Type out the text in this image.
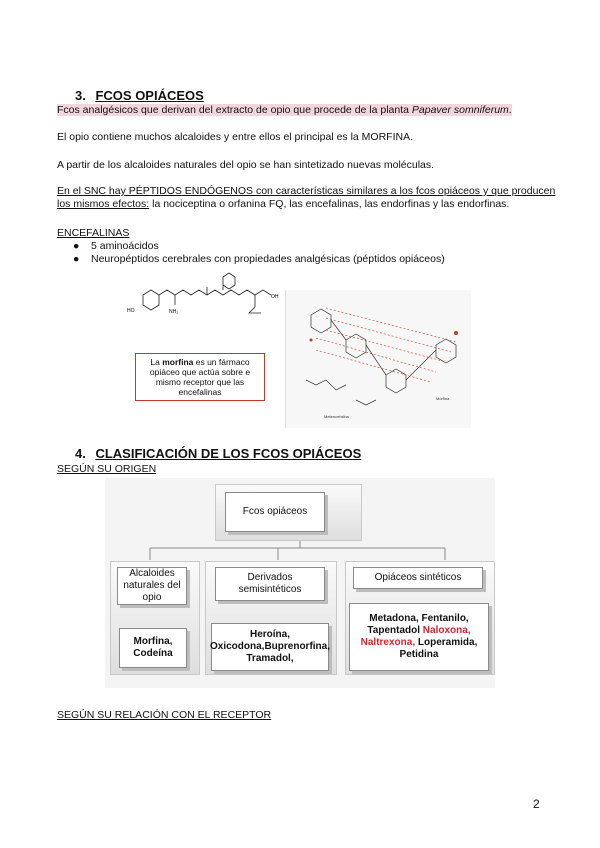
3. FCOS OPIÁCEOS
Fcos analgésicos que derivan del extracto de opio que procede de la planta Papaver somniferum.
El opio contiene muchos alcaloides y entre ellos el principal es la MORFINA.
A partir de los alcaloides naturales del opio se han sintetizado nuevas moléculas.
En el SNC hay PÉPTIDOS ENDÓGENOS con características similares a los fcos opiáceos y que producen
los mismos efectos: la nociceptina o orfanina FQ, las encefalinas, las endorfinas y las endorfinas.
ENCEFALINAS
● 5 aminoácidos
● Neuropéptidos cerebrales con propiedades analgésicas (péptidos opiáceos)
HO	NH₂
OH
La morfina es un fármaco opiáceo que actúa sobre e mismo receptor que las encefalinas
Metencefalina
Morfina
4. CLASIFICACIÓN DE LOS FCOS OPIÁCEOS
SEGÚN SU ORIGEN
Fcos opiáceos
Alcaloides naturales del opio
Derivados semisintéticos
Opiáceos sintéticos
Morfina, Codeína
Heroína, Oxicodona,Buprenorfina, Tramadol,
Metadona, Fentanilo, Tapentadol Naloxona, Naltrexona, Loperamida, Petidina
SEGÚN SU RELACIÓN CON EL RECEPTOR
2
